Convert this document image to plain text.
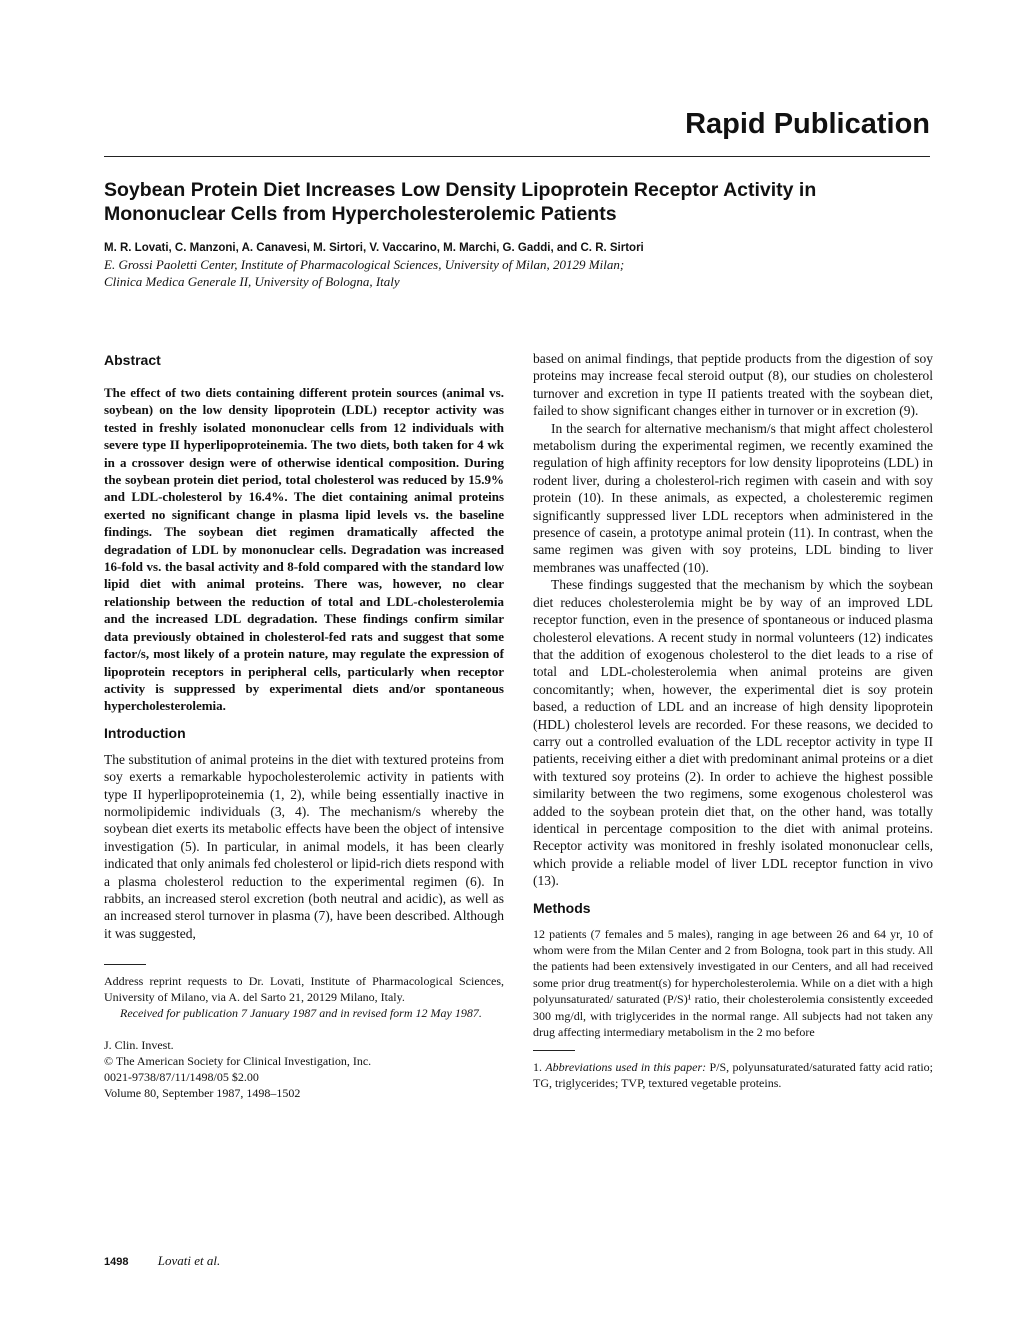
Rapid Publication
Soybean Protein Diet Increases Low Density Lipoprotein Receptor Activity in Mononuclear Cells from Hypercholesterolemic Patients
M. R. Lovati, C. Manzoni, A. Canavesi, M. Sirtori, V. Vaccarino, M. Marchi, G. Gaddi, and C. R. Sirtori
E. Grossi Paoletti Center, Institute of Pharmacological Sciences, University of Milan, 20129 Milan;
Clinica Medica Generale II, University of Bologna, Italy
Abstract

The effect of two diets containing different protein sources (animal vs. soybean) on the low density lipoprotein (LDL) receptor activity was tested in freshly isolated mononuclear cells from 12 individuals with severe type II hyperlipoproteinemia. The two diets, both taken for 4 wk in a crossover design were of otherwise identical composition. During the soybean protein diet period, total cholesterol was reduced by 15.9% and LDL-cholesterol by 16.4%. The diet containing animal proteins exerted no significant change in plasma lipid levels vs. the baseline findings. The soybean diet regimen dramatically affected the degradation of LDL by mononuclear cells. Degradation was increased 16-fold vs. the basal activity and 8-fold compared with the standard low lipid diet with animal proteins. There was, however, no clear relationship between the reduction of total and LDL-cholesterolemia and the increased LDL degradation. These findings confirm similar data previously obtained in cholesterol-fed rats and suggest that some factor/s, most likely of a protein nature, may regulate the expression of lipoprotein receptors in peripheral cells, particularly when receptor activity is suppressed by experimental diets and/or spontaneous hypercholesterolemia.

Introduction

The substitution of animal proteins in the diet with textured proteins from soy exerts a remarkable hypocholesterolemic activity in patients with type II hyperlipoproteinemia (1, 2), while being essentially inactive in normolipidemic individuals (3, 4). The mechanism/s whereby the soybean diet exerts its metabolic effects have been the object of intensive investigation (5). In particular, in animal models, it has been clearly indicated that only animals fed cholesterol or lipid-rich diets respond with a plasma cholesterol reduction to the experimental regimen (6). In rabbits, an increased sterol excretion (both neutral and acidic), as well as an increased sterol turnover in plasma (7), have been described. Although it was suggested,

Address reprint requests to Dr. Lovati, Institute of Pharmacological Sciences, University of Milano, via A. del Sarto 21, 20129 Milano, Italy.

Received for publication 7 January 1987 and in revised form 12 May 1987.

J. Clin. Invest.
© The American Society for Clinical Investigation, Inc.
0021-9738/87/11/1498/05 $2.00
Volume 80, September 1987, 1498–1502

based on animal findings, that peptide products from the digestion of soy proteins may increase fecal steroid output (8), our studies on cholesterol turnover and excretion in type II patients treated with the soybean diet, failed to show significant changes either in turnover or in excretion (9).

In the search for alternative mechanism/s that might affect cholesterol metabolism during the experimental regimen, we recently examined the regulation of high affinity receptors for low density lipoproteins (LDL) in rodent liver, during a cholesterol-rich regimen with casein and with soy protein (10). In these animals, as expected, a cholesteremic regimen significantly suppressed liver LDL receptors when administered in the presence of casein, a prototype animal protein (11). In contrast, when the same regimen was given with soy proteins, LDL binding to liver membranes was unaffected (10).

These findings suggested that the mechanism by which the soybean diet reduces cholesterolemia might be by way of an improved LDL receptor function, even in the presence of spontaneous or induced plasma cholesterol elevations. A recent study in normal volunteers (12) indicates that the addition of exogenous cholesterol to the diet leads to a rise of total and LDL-cholesterolemia when animal proteins are given concomitantly; when, however, the experimental diet is soy protein based, a reduction of LDL and an increase of high density lipoprotein (HDL) cholesterol levels are recorded. For these reasons, we decided to carry out a controlled evaluation of the LDL receptor activity in type II patients, receiving either a diet with predominant animal proteins or a diet with textured soy proteins (2). In order to achieve the highest possible similarity between the two regimens, some exogenous cholesterol was added to the soybean protein diet that, on the other hand, was totally identical in percentage composition to the diet with animal proteins. Receptor activity was monitored in freshly isolated mononuclear cells, which provide a reliable model of liver LDL receptor function in vivo (13).

Methods

12 patients (7 females and 5 males), ranging in age between 26 and 64 yr, 10 of whom were from the Milan Center and 2 from Bologna, took part in this study. All the patients had been extensively investigated in our Centers, and all had received some prior drug treatment(s) for hypercholesterolemia. While on a diet with a high polyunsaturated/ saturated (P/S)¹ ratio, their cholesterolemia consistently exceeded 300 mg/dl, with triglycerides in the normal range. All subjects had not taken any drug affecting intermediary metabolism in the 2 mo before

1. Abbreviations used in this paper: P/S, polyunsaturated/saturated fatty acid ratio; TG, triglycerides; TVP, textured vegetable proteins.

1498 Lovati et al.
